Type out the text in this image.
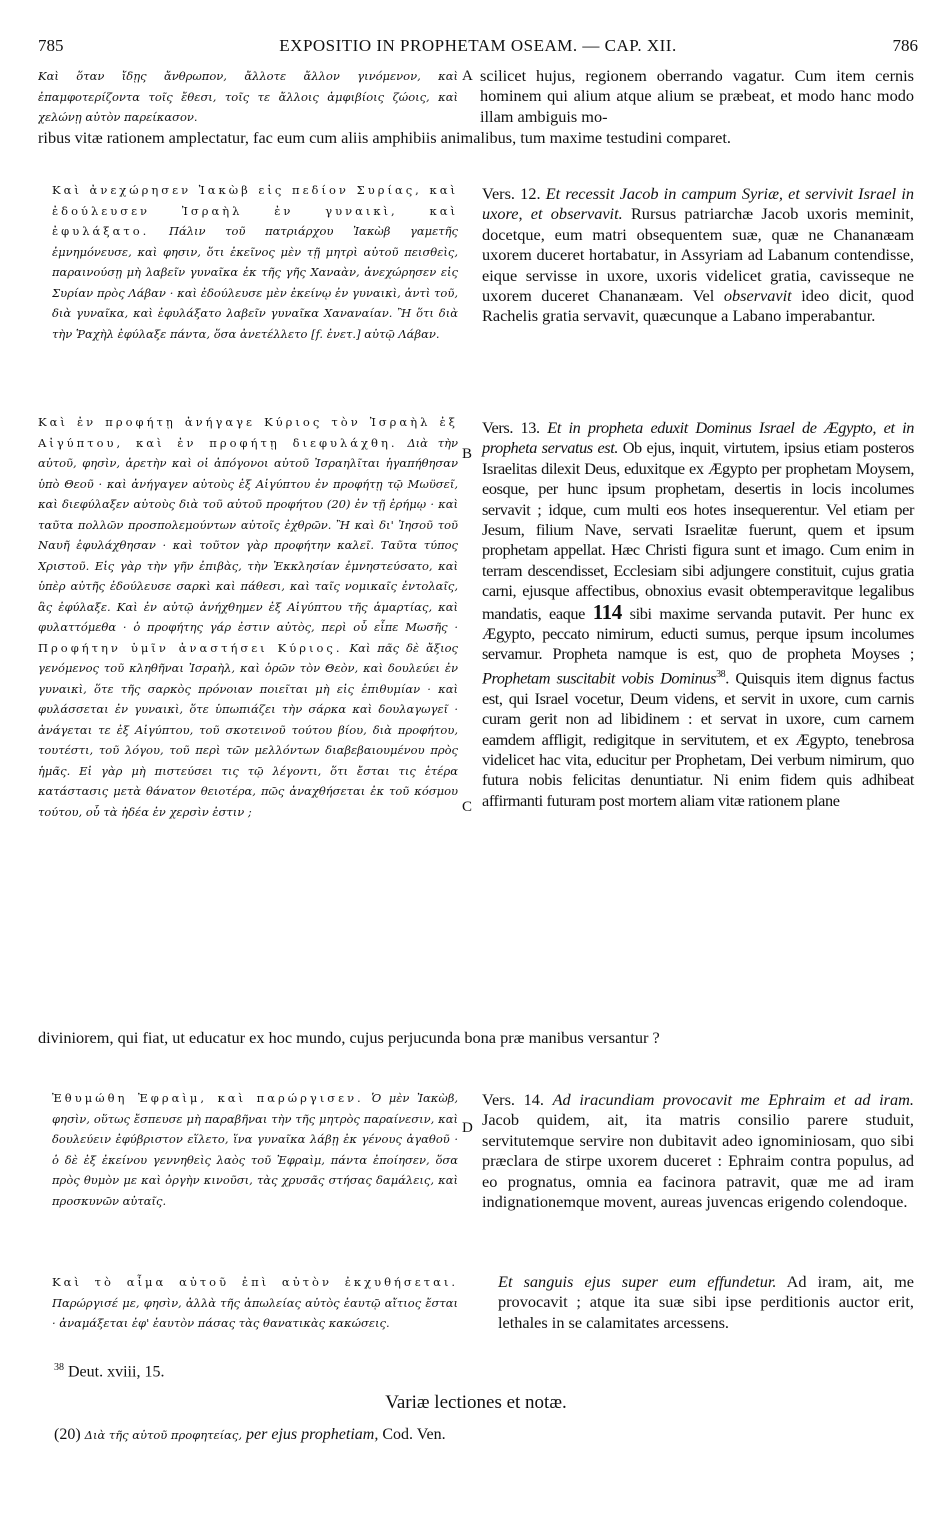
785	EXPOSITIO IN PROPHETAM OSEAM. — CAP. XII.	786
Καὶ ὅταν ἴδῃς ἄνθρωπον, ἄλλοτε ἄλλον γινόμενον, καὶ ἐπαμφοτερίζοντα τοῖς ἔθεσι, τοῖς τε ἄλλοις ἀμφιβίοις ζώοις, καὶ χελώνῃ αὐτὸν παρείκασον.
A scilicet hujus, regionem oberrando vagatur. Cum item cernis hominem qui alium atque alium se præbeat, et modo hanc modo illam ambiguis mo-
ribus vitæ rationem amplectatur, fac eum cum aliis amphibiis animalibus, tum maxime testudini comparet.
Καὶ ἀνεχώρησεν Ἰακὼβ εἰς πεδίον Συρίας, καὶ ἐδούλευσεν Ἰσραὴλ ἐν γυναικὶ, καὶ ἐφυλάξατο. Πάλιν τοῦ πατριάρχου Ἰακὼβ γαμετῆς ἐμνημόνευσε, καὶ φησιν, ὅτι ἐκεῖνος μὲν τῇ μητρὶ αὐτοῦ πεισθεὶς, παραινούσῃ μὴ λαβεῖν γυναῖκα ἐκ τῆς γῆς Χαναὰν, ἀνεχώρησεν εἰς Συρίαν πρὸς Λάβαν · καὶ ἐδούλευσε μὲν ἐκείνῳ ἐν γυναικὶ, ἀντὶ τοῦ, διὰ γυναῖκα, καὶ ἐφυλάξατο λαβεῖν γυναῖκα Χαναναίαν. Ἢ ὅτι διὰ τὴν Ῥαχὴλ ἐφύλαξε πάντα, ὅσα ἀνετέλλετο [f. ἐνετ.] αὐτῷ Λάβαν.
Vers. 12. Et recessit Jacob in campum Syriæ, et servivit Israel in uxore, et observavit. Rursus patriarchæ Jacob uxoris meminit, docetque, eum matri obsequentem suæ, quæ ne Chananæam uxorem duceret hortabatur, in Assyriam ad Labanum contendisse, eique servisse in uxore, uxoris videlicet gratia, cavisseque ne uxorem duceret Chananæam. Vel observavit ideo dicit, quod Rachelis gratia servavit, quæcunque a Labano imperabantur.
Καὶ ἐν προφήτῃ ἀνήγαγε Κύριος τὸν Ἰσραὴλ ἐξ Αἰγύπτου, καὶ ἐν προφήτῃ διεφυλάχθη. Διὰ τὴν αὐτοῦ, φησὶν, ἀρετὴν καὶ οἱ ἀπόγονοι αὐτοῦ Ἰσραηλῖται ἠγαπήθησαν ὑπὸ Θεοῦ · καὶ ἀνήγαγεν αὐτοὺς ἐξ Αἰγύπτου ἐν προφήτῃ τῷ Μωϋσεῖ, καὶ διεφύλαξεν αὐτοὺς διὰ τοῦ αὐτοῦ προφήτου (20) ἐν τῇ ἐρήμῳ · καὶ ταῦτα πολλῶν προσπολεμούντων αὐτοῖς ἐχθρῶν. Ἢ καὶ δι' Ἰησοῦ τοῦ Ναυῆ ἐφυλάχθησαν · καὶ τοῦτον γὰρ προφήτην καλεῖ. Ταῦτα τύπος Χριστοῦ. Εἰς γὰρ τὴν γῆν ἐπιβὰς, τὴν Ἐκκλησίαν ἐμνηστεύσατο, καὶ ὑπὲρ αὐτῆς ἐδούλευσε σαρκὶ καὶ πάθεσι, καὶ ταῖς νομικαῖς ἐντολαῖς, ἃς ἐφύλαξε. Καὶ ἐν αὐτῷ ἀνήχθημεν ἐξ Αἰγύπτου τῆς ἁμαρτίας, καὶ φυλαττόμεθα · ὁ προφήτης γάρ ἐστιν αὐτὸς, περὶ οὗ εἶπε Μωσῆς · Προφήτην ὑμῖν ἀναστήσει Κύριος. Καὶ πᾶς δὲ ἄξιος γενόμενος τοῦ κληθῆναι Ἰσραὴλ, καὶ ὁρῶν τὸν Θεὸν, καὶ δουλεύει ἐν γυναικὶ, ὅτε τῆς σαρκὸς πρόνοιαν ποιεῖται μὴ εἰς ἐπιθυμίαν · καὶ φυλάσσεται ἐν γυναικὶ, ὅτε ὑπωπιάζει τὴν σάρκα καὶ δουλαγωγεῖ · ἀνάγεται τε ἐξ Αἰγύπτου, τοῦ σκοτεινοῦ τούτου βίου, διὰ προφήτου, τουτέστι, τοῦ λόγου, τοῦ περὶ τῶν μελλόντων διαβεβαιουμένου πρὸς ἡμᾶς. Εἰ γὰρ μὴ πιστεύσει τις τῷ λέγοντι, ὅτι ἔσται τις ἑτέρα κατάστασις μετὰ θάνατον θειοτέρα, πῶς ἀναχθήσεται ἐκ τοῦ κόσμου τούτου, οὗ τὰ ἡδέα ἐν χερσὶν ἐστιν ;
B
C
Vers. 13. Et in propheta eduxit Dominus Israel de Ægypto, et in propheta servatus est. Ob ejus, inquit, virtutem, ipsius etiam posteros Israelitas dilexit Deus, eduxitque ex Ægypto per prophetam Moysem, eosque, per hunc ipsum prophetam, desertis in locis incolumes servavit ; idque, cum multi eos hotes insequerentur. Vel etiam per Jesum, filium Nave, servati Israelitæ fuerunt, quem et ipsum prophetam appellat. Hæc Christi figura sunt et imago. Cum enim in terram descendisset, Ecclesiam sibi adjungere constituit, cujus gratia carni, ejusque affectibus, obnoxius evasit obtemperavitque legalibus mandatis, eaque 114 sibi maxime servanda putavit. Per hunc ex Ægypto, peccato nimirum, educti sumus, perque ipsum incolumes servamur. Propheta namque is est, quo de propheta Moyses ; Prophetam suscitabit vobis Dominus$^{38}$. Quisquis item dignus factus est, qui Israel vocetur, Deum videns, et servit in uxore, cum carnis curam gerit non ad libidinem : et servat in uxore, cum carnem eamdem affligit, redigitque in servitutem, et ex Ægypto, tenebrosa videlicet hac vita, educitur per Prophetam, Dei verbum nimirum, quo futura nobis felicitas denuntiatur. Ni enim fidem quis adhibeat affirmanti futuram post mortem aliam vitæ rationem plane
diviniorem, qui fiat, ut educatur ex hoc mundo, cujus perjucunda bona præ manibus versantur ?
Ἐθυμώθη Ἐφραὶμ, καὶ παρώργισεν. Ὁ μὲν Ἰακὼβ, φησὶν, οὕτως ἔσπευσε μὴ παραβῆναι τὴν τῆς μητρὸς παραίνεσιν, καὶ δουλεύειν ἐφύβριστον εἵλετο, ἵνα γυναῖκα λάβῃ ἐκ γένους ἀγαθοῦ · ὁ δὲ ἐξ ἐκείνου γεννηθεὶς λαὸς τοῦ Ἐφραὶμ, πάντα ἐποίησεν, ὅσα πρὸς θυμὸν με καὶ ὀργὴν κινοῦσι, τὰς χρυσᾶς στήσας δαμάλεις, καὶ προσκυνῶν αὐταῖς.
D
Vers. 14. Ad iracundiam provocavit me Ephraim et ad iram. Jacob quidem, ait, ita matris consilio parere studuit, servitutemque servire non dubitavit adeo ignominiosam, quo sibi præclara de stirpe uxorem duceret : Ephraim contra populus, ad eo prognatus, omnia ea facinora patravit, quæ me ad iram indignationemque movent, aureas juvencas erigendo colendoque.
Καὶ τὸ αἷμα αὐτοῦ ἐπὶ αὐτὸν ἐκχυθήσεται. Παρώργισέ με, φησὶν, ἀλλὰ τῆς ἀπωλείας αὐτὸς ἑαυτῷ αἴτιος ἔσται · ἀναμάξεται ἐφ' ἑαυτὸν πάσας τὰς θανατικὰς κακώσεις.
Et sanguis ejus super eum effundetur. Ad iram, ait, me provocavit ; atque ita suæ sibi ipse perditionis auctor erit, lethales in se calamitates arcessens.
$^{38}$ Deut. xviii, 15.
Variæ lectiones et notæ.
(20) Διὰ τῆς αὐτοῦ προφητείας, per ejus prophetiam, Cod. Ven.
